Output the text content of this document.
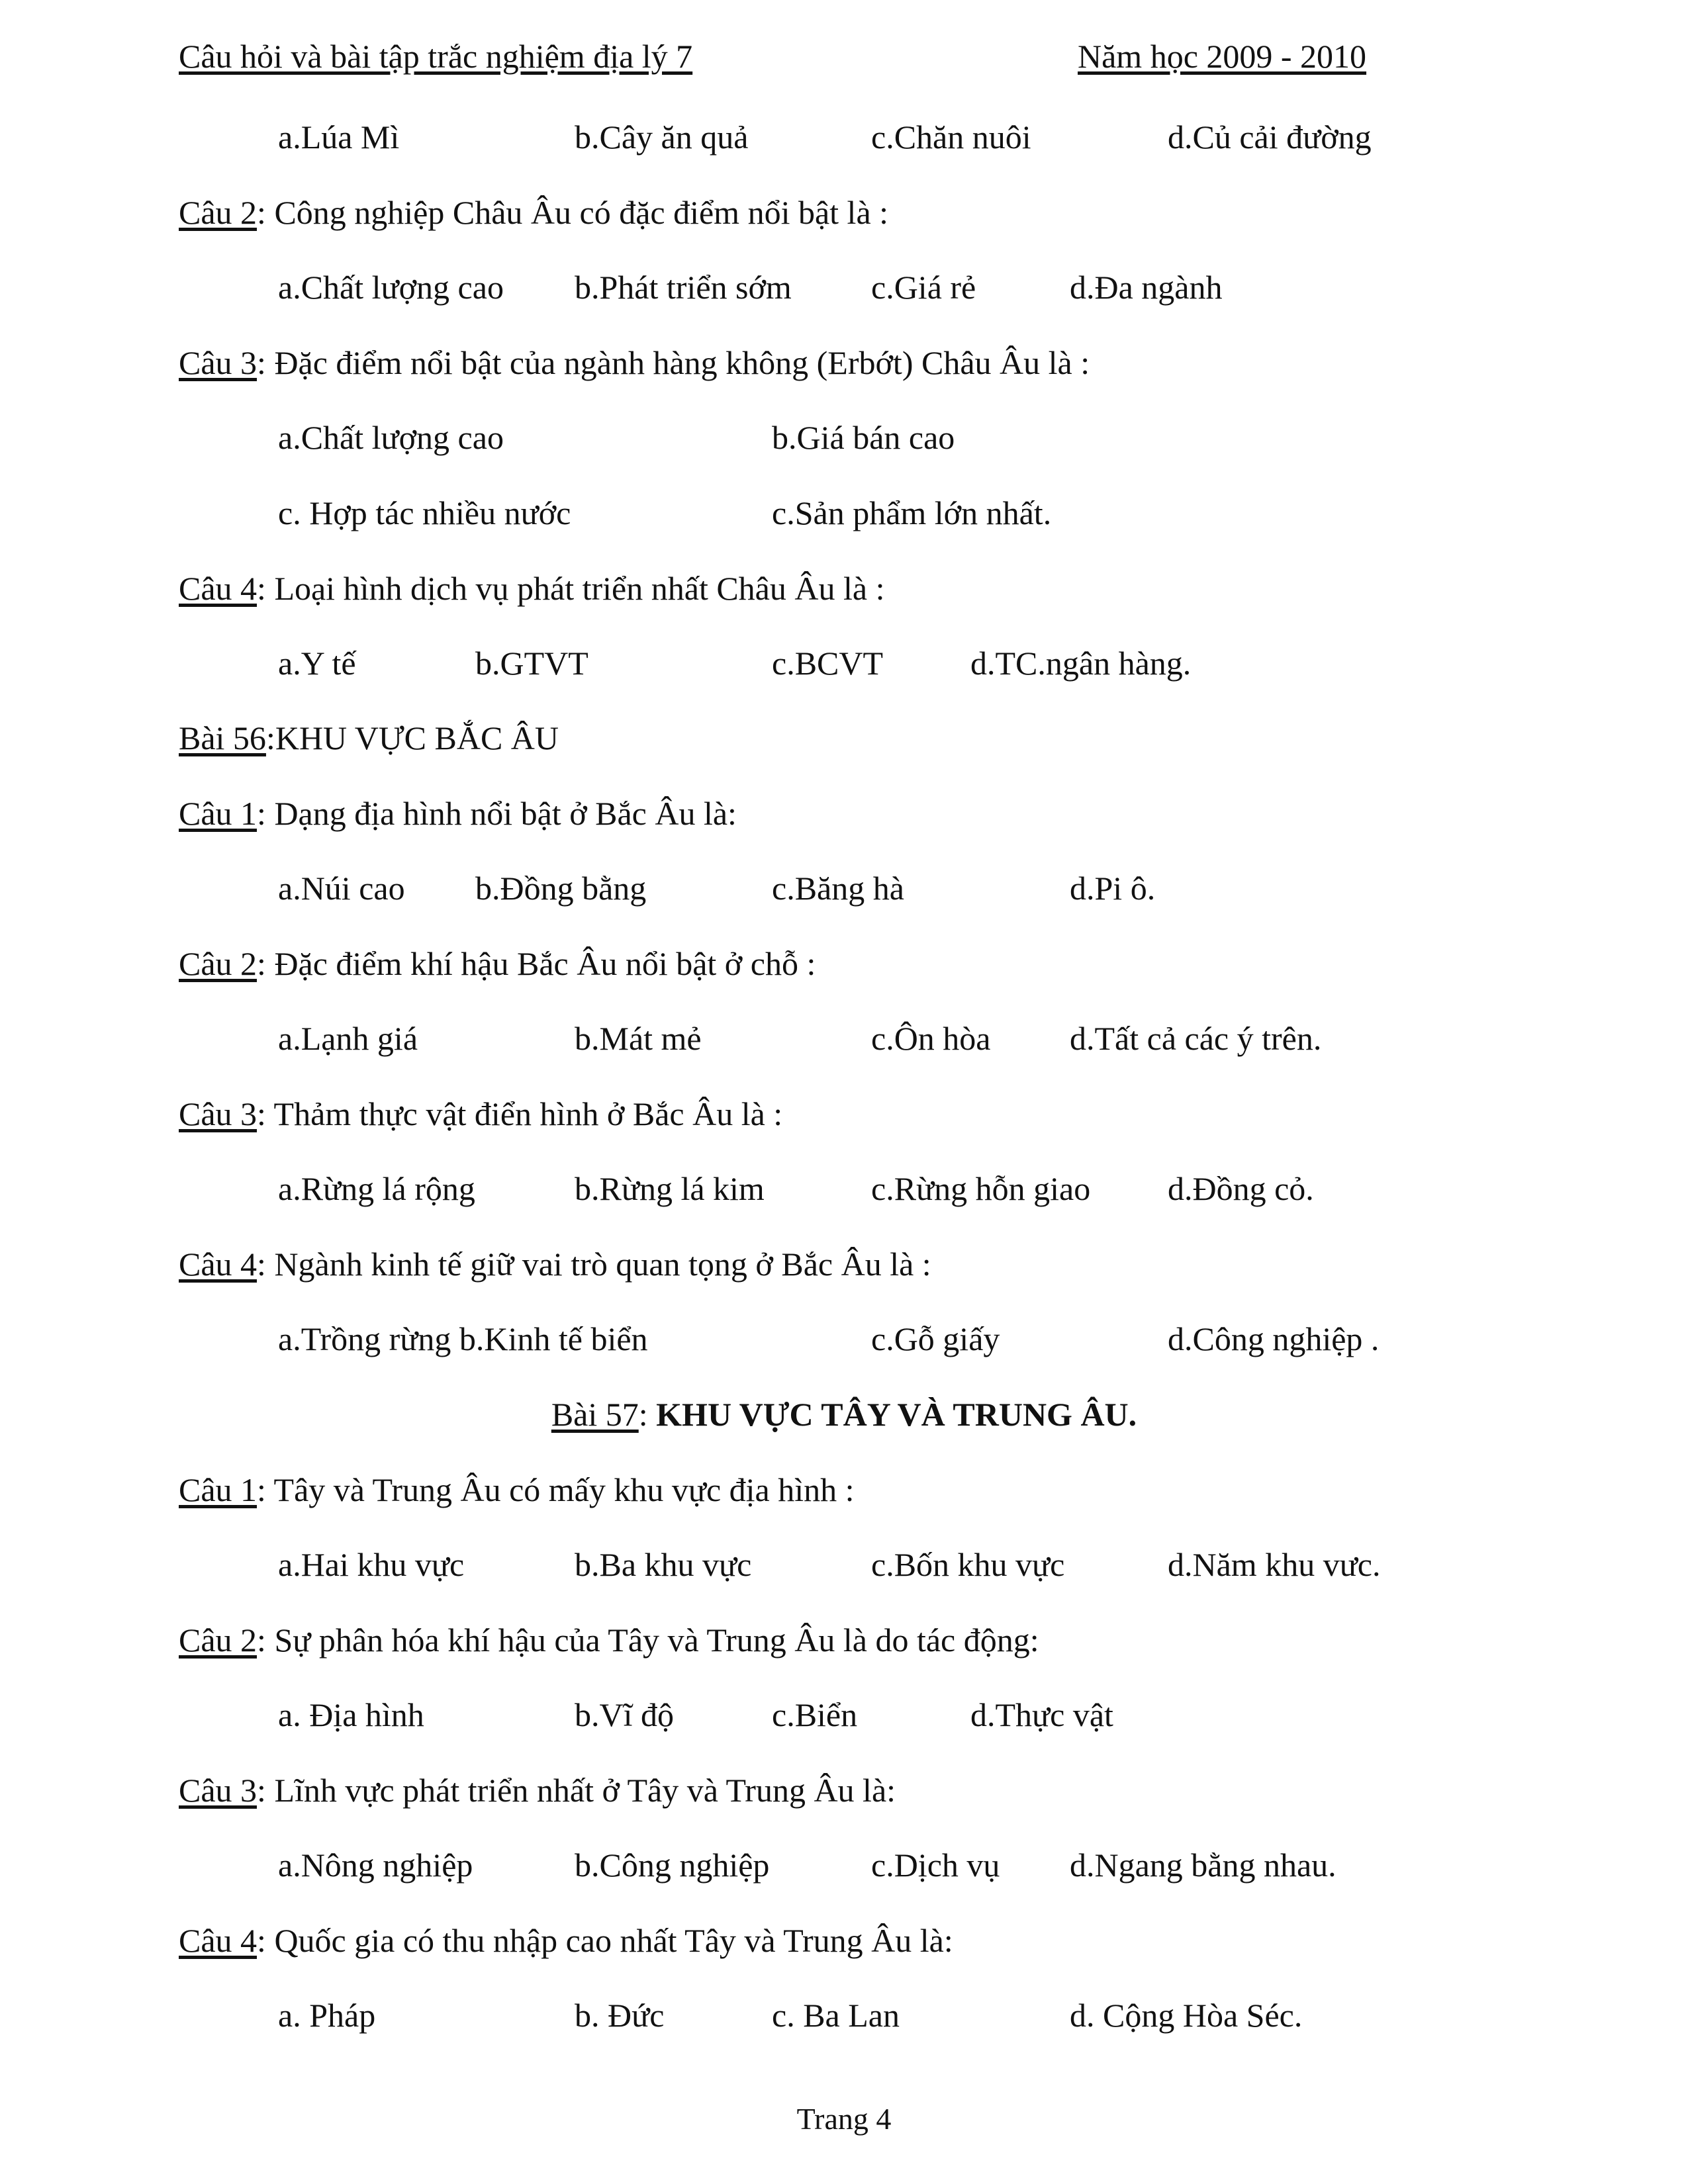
Câu hỏi và bài tập trắc nghiệm địa lý 7	Năm học 2009 - 2010
a.Lúa Mì	b.Cây ăn quả	c.Chăn nuôi	d.Củ cải đường
Câu 2: Công nghiệp Châu Âu có đặc điểm nổi bật là :
a.Chất lượng cao b.Phát triển sớm c.Giá rẻ	d.Đa ngành
Câu 3: Đặc điểm nổi bật của ngành hàng không (Erbớt) Châu Âu là :
a.Chất lượng cao	b.Giá bán cao
c. Hợp tác nhiều nước	c.Sản phẩm lớn nhất.
Câu 4: Loại hình dịch vụ phát triển nhất Châu Âu là :
a.Y tế	b.GTVT	c.BCVT	d.TC.ngân hàng.
Bài 56:KHU VỰC BẮC ÂU
Câu 1: Dạng địa hình nổi bật ở Bắc Âu là:
a.Núi cao b.Đồng bằng	c.Băng hà	d.Pi ô.
Câu 2: Đặc điểm khí hậu Bắc Âu nổi bật ở chỗ :
a.Lạnh giá	b.Mát mẻ	c.Ôn hòa d.Tất cả các ý trên.
Câu 3: Thảm thực vật điển hình ở Bắc Âu là :
a.Rừng lá rộng	b.Rừng lá kim	c.Rừng hỗn giao d.Đồng cỏ.
Câu 4: Ngành kinh tế giữ vai trò quan tọng ở Bắc Âu là :
a.Trồng rừng b.Kinh tế biển	c.Gỗ giấy	d.Công nghiệp .
Bài 57: KHU VỰC TÂY VÀ TRUNG ÂU.
Câu 1: Tây và Trung Âu có mấy khu vực địa hình :
a.Hai khu vực	b.Ba khu vực	c.Bốn khu vực	d.Năm khu vưc.
Câu 2: Sự phân hóa khí hậu của Tây và Trung Âu là do tác động:
a. Địa hình	b.Vĩ độ	c.Biển	d.Thực vật
Câu 3: Lĩnh vực phát triển nhất ở Tây và Trung Âu là:
a.Nông nghiệp	b.Công nghiệp	c.Dịch vụ d.Ngang bằng nhau.
Câu 4: Quốc gia có thu nhập cao nhất Tây và Trung Âu là:
a. Pháp	b. Đức	c. Ba Lan	d. Cộng Hòa Séc.
Trang 4
